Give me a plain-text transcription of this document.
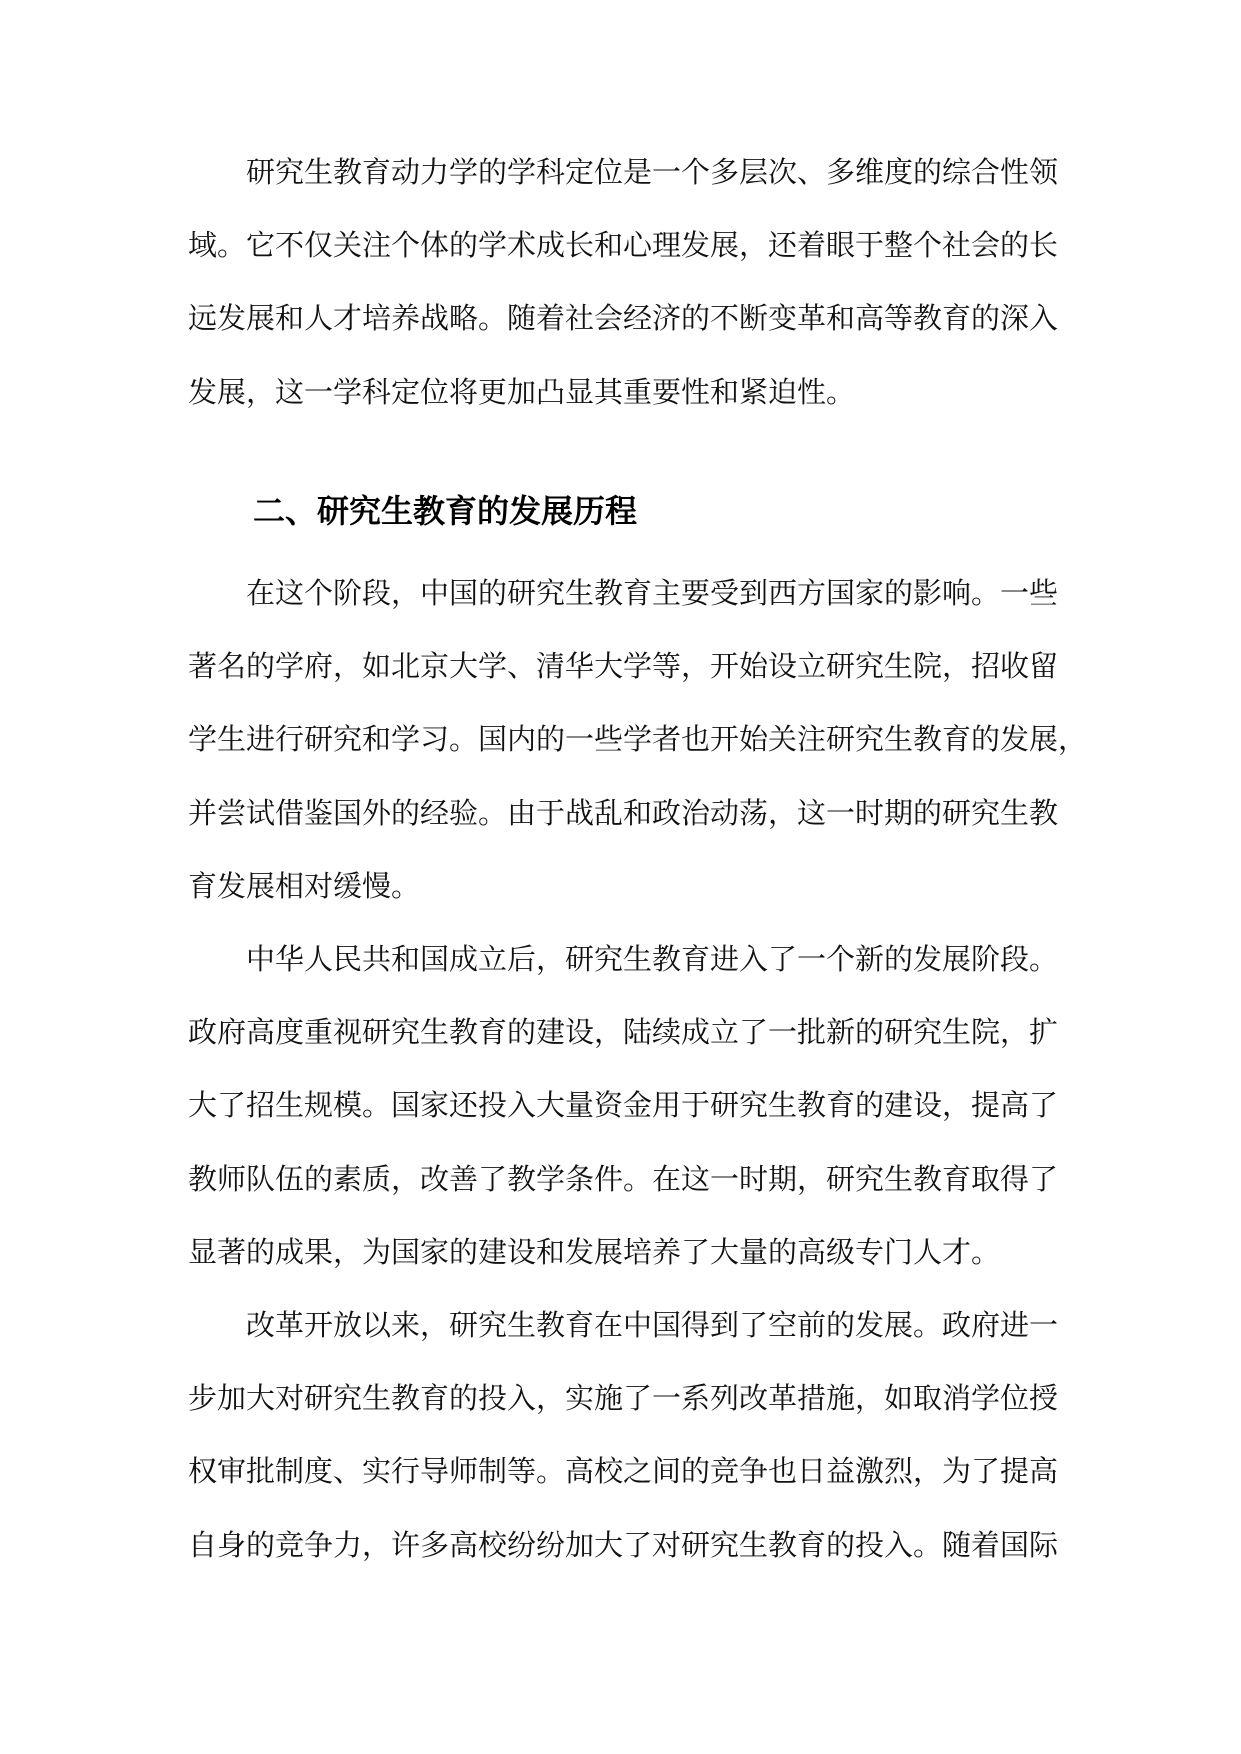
研究生教育动力学的学科定位是一个多层次、多维度的综合性领
域。它不仅关注个体的学术成长和心理发展，还着眼于整个社会的长
远发展和人才培养战略。随着社会经济的不断变革和高等教育的深入
发展，这一学科定位将更加凸显其重要性和紧迫性。
二、研究生教育的发展历程
在这个阶段，中国的研究生教育主要受到西方国家的影响。一些
著名的学府，如北京大学、清华大学等，开始设立研究生院，招收留
学生进行研究和学习。国内的一些学者也开始关注研究生教育的发展，
并尝试借鉴国外的经验。由于战乱和政治动荡，这一时期的研究生教
育发展相对缓慢。
中华人民共和国成立后，研究生教育进入了一个新的发展阶段。
政府高度重视研究生教育的建设，陆续成立了一批新的研究生院，扩
大了招生规模。国家还投入大量资金用于研究生教育的建设，提高了
教师队伍的素质，改善了教学条件。在这一时期，研究生教育取得了
显著的成果，为国家的建设和发展培养了大量的高级专门人才。
改革开放以来，研究生教育在中国得到了空前的发展。政府进一
步加大对研究生教育的投入，实施了一系列改革措施，如取消学位授
权审批制度、实行导师制等。高校之间的竞争也日益激烈，为了提高
自身的竞争力，许多高校纷纷加大了对研究生教育的投入。随着国际
